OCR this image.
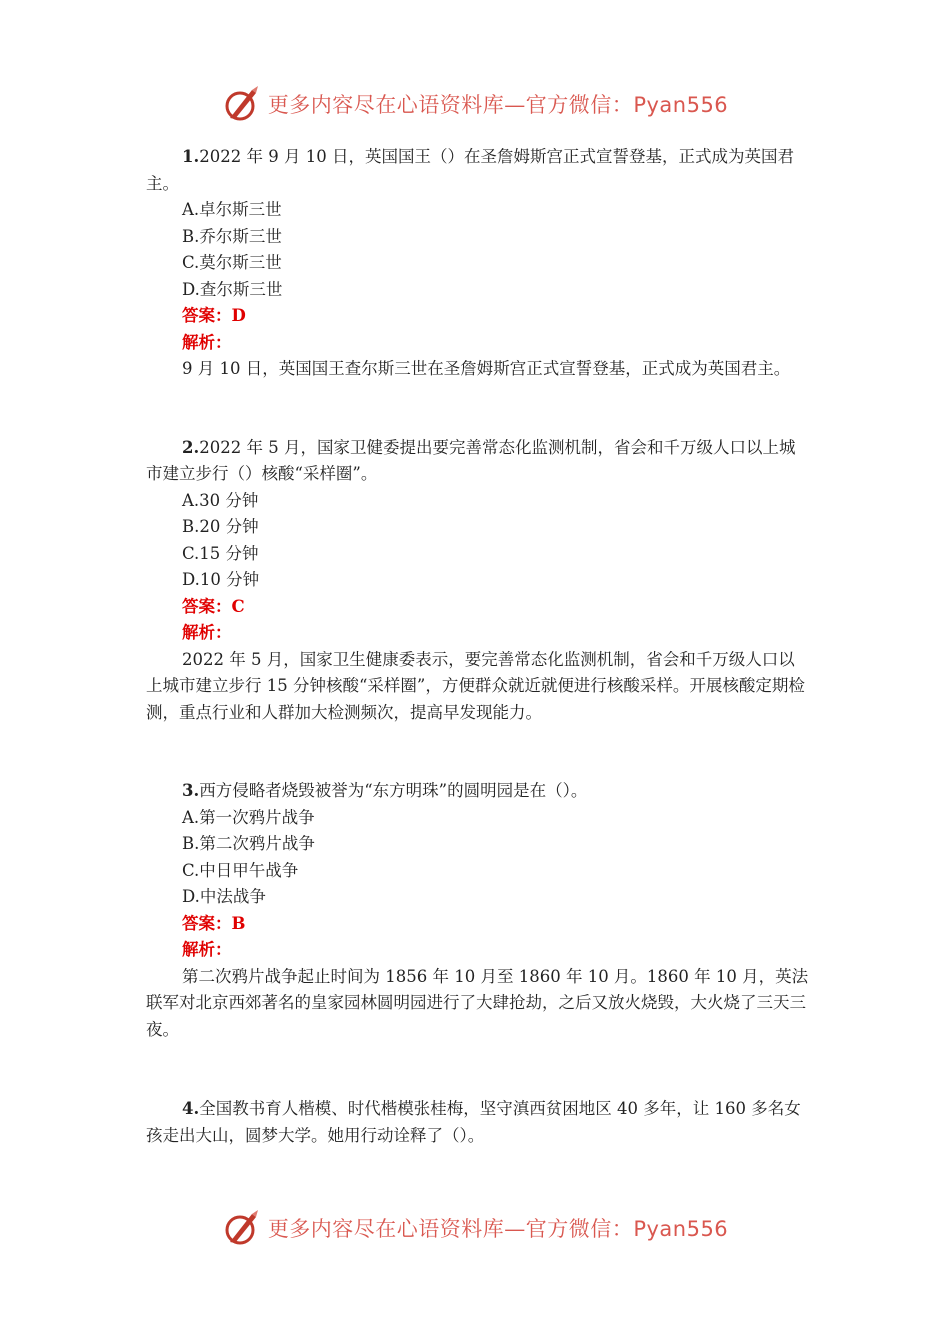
更多内容尽在心语资料库—官方微信：Pyan556

1.2022 年 9 月 10 日，英国国王（）在圣詹姆斯宫正式宣誓登基，正式成为英国君主。

A.卓尔斯三世

B.乔尔斯三世

C.莫尔斯三世

D.查尔斯三世

答案：D

解析：

9 月 10 日，英国国王查尔斯三世在圣詹姆斯宫正式宣誓登基，正式成为英国君主。

2.2022 年 5 月，国家卫健委提出要完善常态化监测机制，省会和千万级人口以上城市建立步行（）核酸“采样圈”。

A.30 分钟

B.20 分钟

C.15 分钟

D.10 分钟

答案：C

解析：

2022 年 5 月，国家卫生健康委表示，要完善常态化监测机制，省会和千万级人口以上城市建立步行 15 分钟核酸“采样圈”，方便群众就近就便进行核酸采样。开展核酸定期检测，重点行业和人群加大检测频次，提高早发现能力。

3.西方侵略者烧毁被誉为“东方明珠”的圆明园是在（）。

A.第一次鸦片战争

B.第二次鸦片战争

C.中日甲午战争

D.中法战争

答案：B

解析：

第二次鸦片战争起止时间为 1856 年 10 月至 1860 年 10 月。1860 年 10 月，英法联军对北京西郊著名的皇家园林圆明园进行了大肆抢劫，之后又放火烧毁，大火烧了三天三夜。

4.全国教书育人楷模、时代楷模张桂梅，坚守滇西贫困地区 40 多年，让 160 多名女孩走出大山，圆梦大学。她用行动诠释了（）。

更多内容尽在心语资料库—官方微信：Pyan556
